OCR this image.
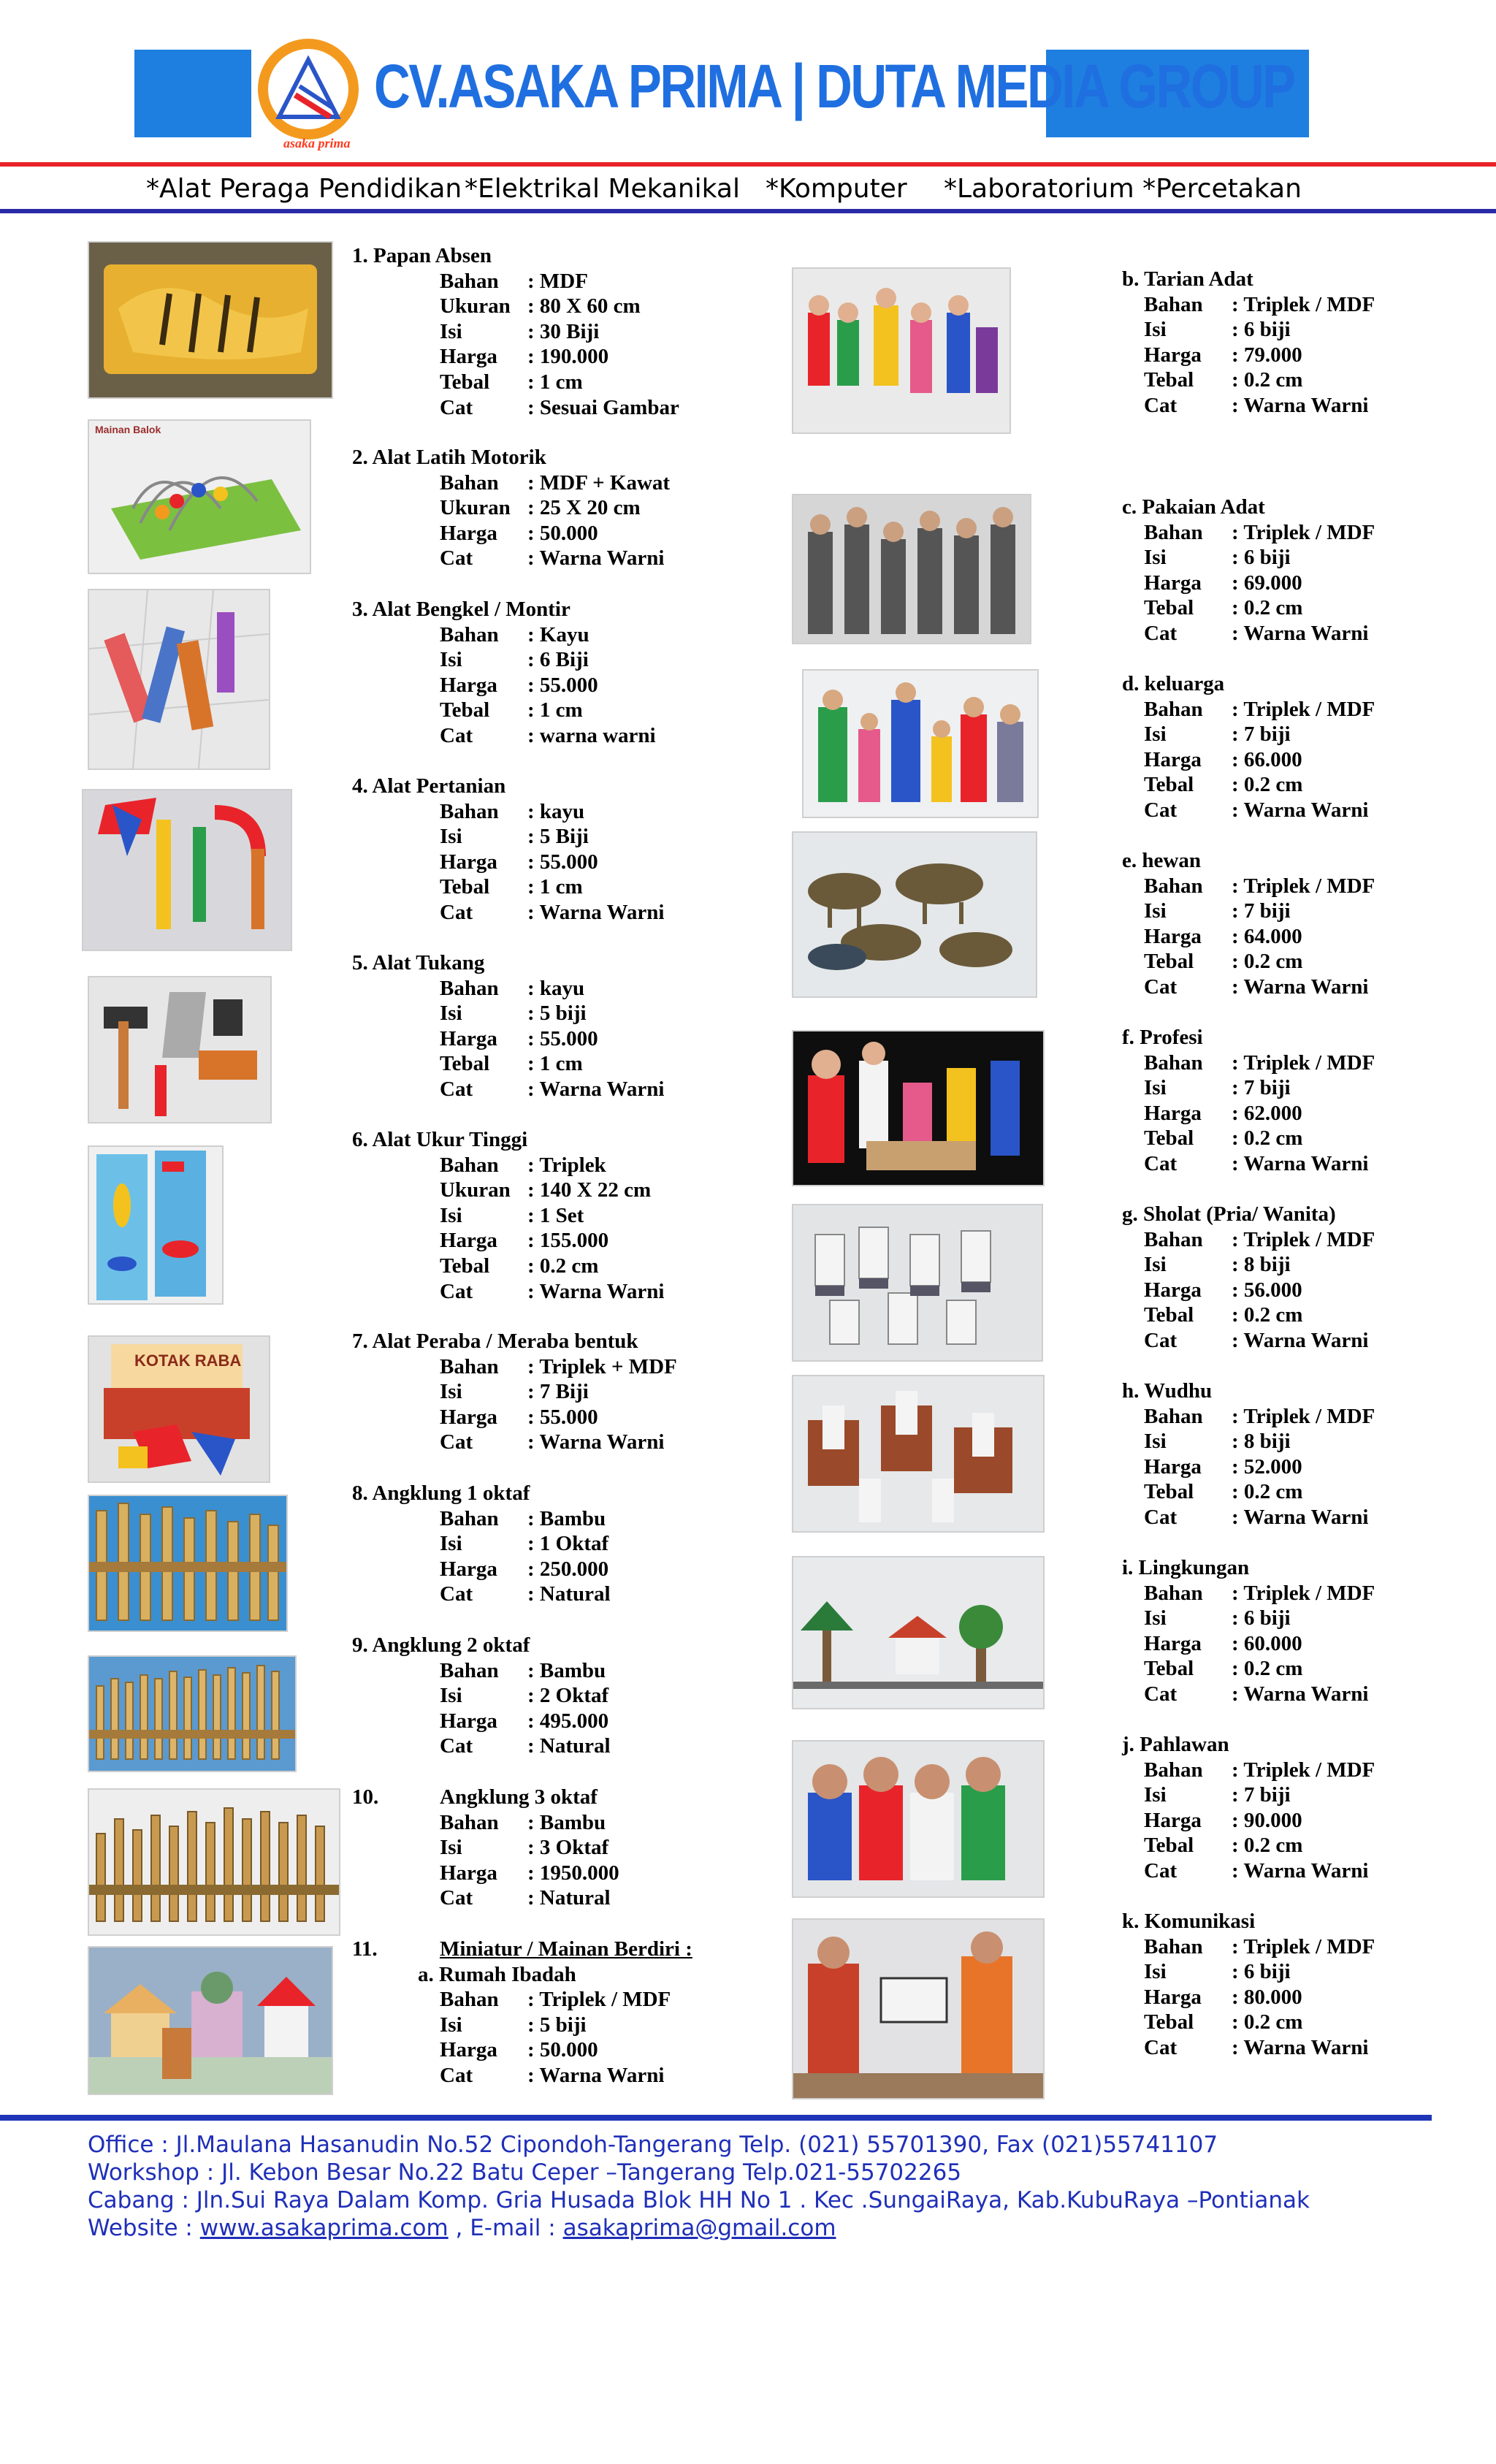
asaka prima
CV.ASAKA PRIMA | DUTA MEDIA GROUP
*Alat Peraga Pendidikan *Elektrikal Mekanikal *Komputer *Laboratorium *Percetakan
Mainan Balok
KOTAK RABA
1. Papan Absen
Bahan : MDF
Ukuran : 80 X 60 cm
Isi	: 30 Biji
Harga : 190.000
Tebal : 1 cm
Cat	: Sesuai Gambar
2. Alat Latih Motorik
Bahan : MDF + Kawat
Ukuran : 25 X 20 cm
Harga : 50.000
Cat	: Warna Warni
3. Alat Bengkel / Montir
Bahan : Kayu
Isi	: 6 Biji
Harga : 55.000
Tebal : 1 cm
Cat	: warna warni
4. Alat Pertanian
Bahan : kayu
Isi	: 5 Biji
Harga : 55.000
Tebal : 1 cm
Cat	: Warna Warni
5. Alat Tukang
Bahan : kayu
Isi	: 5 biji
Harga : 55.000
Tebal : 1 cm
Cat	: Warna Warni
6. Alat Ukur Tinggi
Bahan : Triplek
Ukuran : 140 X 22 cm
Isi	: 1 Set
Harga : 155.000
Tebal : 0.2 cm
Cat	: Warna Warni
7. Alat Peraba / Meraba bentuk
Bahan : Triplek + MDF
Isi	: 7 Biji
Harga : 55.000
Cat	: Warna Warni
8. Angklung 1 oktaf
Bahan : Bambu
Isi	: 1 Oktaf
Harga : 250.000
Cat	: Natural
9. Angklung 2 oktaf
Bahan : Bambu
Isi	: 2 Oktaf
Harga : 495.000
Cat	: Natural
10.	Angklung 3 oktaf
Bahan : Bambu
Isi	: 3 Oktaf
Harga : 1950.000
Cat	: Natural
11.	Miniatur / Mainan Berdiri :
a. Rumah Ibadah
Bahan : Triplek / MDF
Isi	: 5 biji
Harga : 50.000
Cat	: Warna Warni
b. Tarian Adat
Bahan : Triplek / MDF
Isi	: 6 biji
Harga : 79.000
Tebal : 0.2 cm
Cat	: Warna Warni
c. Pakaian Adat
Bahan : Triplek / MDF
Isi	: 6 biji
Harga : 69.000
Tebal : 0.2 cm
Cat	: Warna Warni
d. keluarga
Bahan : Triplek / MDF
Isi	: 7 biji
Harga : 66.000
Tebal : 0.2 cm
Cat	: Warna Warni
e. hewan
Bahan : Triplek / MDF
Isi	: 7 biji
Harga : 64.000
Tebal : 0.2 cm
Cat	: Warna Warni
f. Profesi
Bahan : Triplek / MDF
Isi	: 7 biji
Harga : 62.000
Tebal : 0.2 cm
Cat	: Warna Warni
g. Sholat (Pria/ Wanita)
Bahan : Triplek / MDF
Isi	: 8 biji
Harga : 56.000
Tebal : 0.2 cm
Cat	: Warna Warni
h. Wudhu
Bahan : Triplek / MDF
Isi	: 8 biji
Harga : 52.000
Tebal : 0.2 cm
Cat	: Warna Warni
i. Lingkungan
Bahan : Triplek / MDF
Isi	: 6 biji
Harga : 60.000
Tebal : 0.2 cm
Cat	: Warna Warni
j. Pahlawan
Bahan : Triplek / MDF
Isi	: 7 biji
Harga : 90.000
Tebal : 0.2 cm
Cat	: Warna Warni
k. Komunikasi
Bahan : Triplek / MDF
Isi	: 6 biji
Harga : 80.000
Tebal : 0.2 cm
Cat	: Warna Warni
Office : Jl.Maulana Hasanudin No.52 Cipondoh-Tangerang Telp. (021) 55701390, Fax (021)55741107
Workshop : Jl. Kebon Besar No.22 Batu Ceper –Tangerang Telp.021-55702265
Cabang : Jln.Sui Raya Dalam Komp. Gria Husada Blok HH No 1 . Kec .SungaiRaya, Kab.KubuRaya –Pontianak
Website : www.asakaprima.com , E-mail : asakaprima@gmail.com
